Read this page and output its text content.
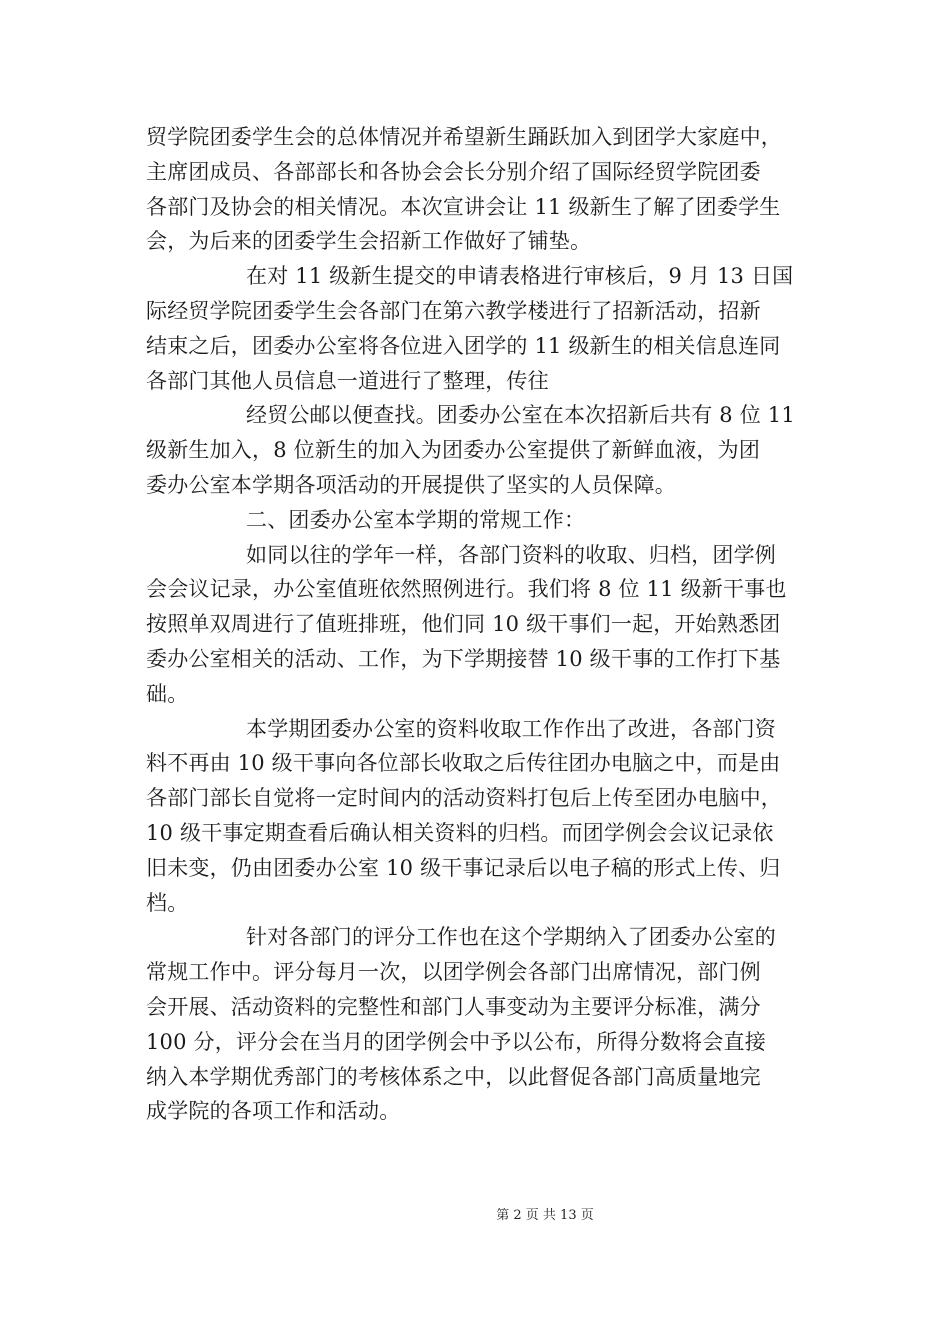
贸学院团委学生会的总体情况并希望新生踊跃加入到团学大家庭中，
主席团成员、各部部长和各协会会长分别介绍了国际经贸学院团委
各部门及协会的相关情况。本次宣讲会让 11 级新生了解了团委学生
会，为后来的团委学生会招新工作做好了铺垫。

在对 11 级新生提交的申请表格进行审核后，9 月 13 日国
际经贸学院团委学生会各部门在第六教学楼进行了招新活动，招新
结束之后，团委办公室将各位进入团学的 11 级新生的相关信息连同
各部门其他人员信息一道进行了整理，传往

经贸公邮以便查找。团委办公室在本次招新后共有 8 位 11
级新生加入，8 位新生的加入为团委办公室提供了新鲜血液，为团
委办公室本学期各项活动的开展提供了坚实的人员保障。

二、团委办公室本学期的常规工作：

如同以往的学年一样，各部门资料的收取、归档，团学例
会会议记录，办公室值班依然照例进行。我们将 8 位 11 级新干事也
按照单双周进行了值班排班，他们同 10 级干事们一起，开始熟悉团
委办公室相关的活动、工作，为下学期接替 10 级干事的工作打下基
础。

本学期团委办公室的资料收取工作作出了改进，各部门资
料不再由 10 级干事向各位部长收取之后传往团办电脑之中，而是由
各部门部长自觉将一定时间内的活动资料打包后上传至团办电脑中，
10 级干事定期查看后确认相关资料的归档。而团学例会会议记录依
旧未变，仍由团委办公室 10 级干事记录后以电子稿的形式上传、归
档。

针对各部门的评分工作也在这个学期纳入了团委办公室的
常规工作中。评分每月一次，以团学例会各部门出席情况，部门例
会开展、活动资料的完整性和部门人事变动为主要评分标准，满分
100 分，评分会在当月的团学例会中予以公布，所得分数将会直接
纳入本学期优秀部门的考核体系之中，以此督促各部门高质量地完
成学院的各项工作和活动。

第 2 页 共 13 页
